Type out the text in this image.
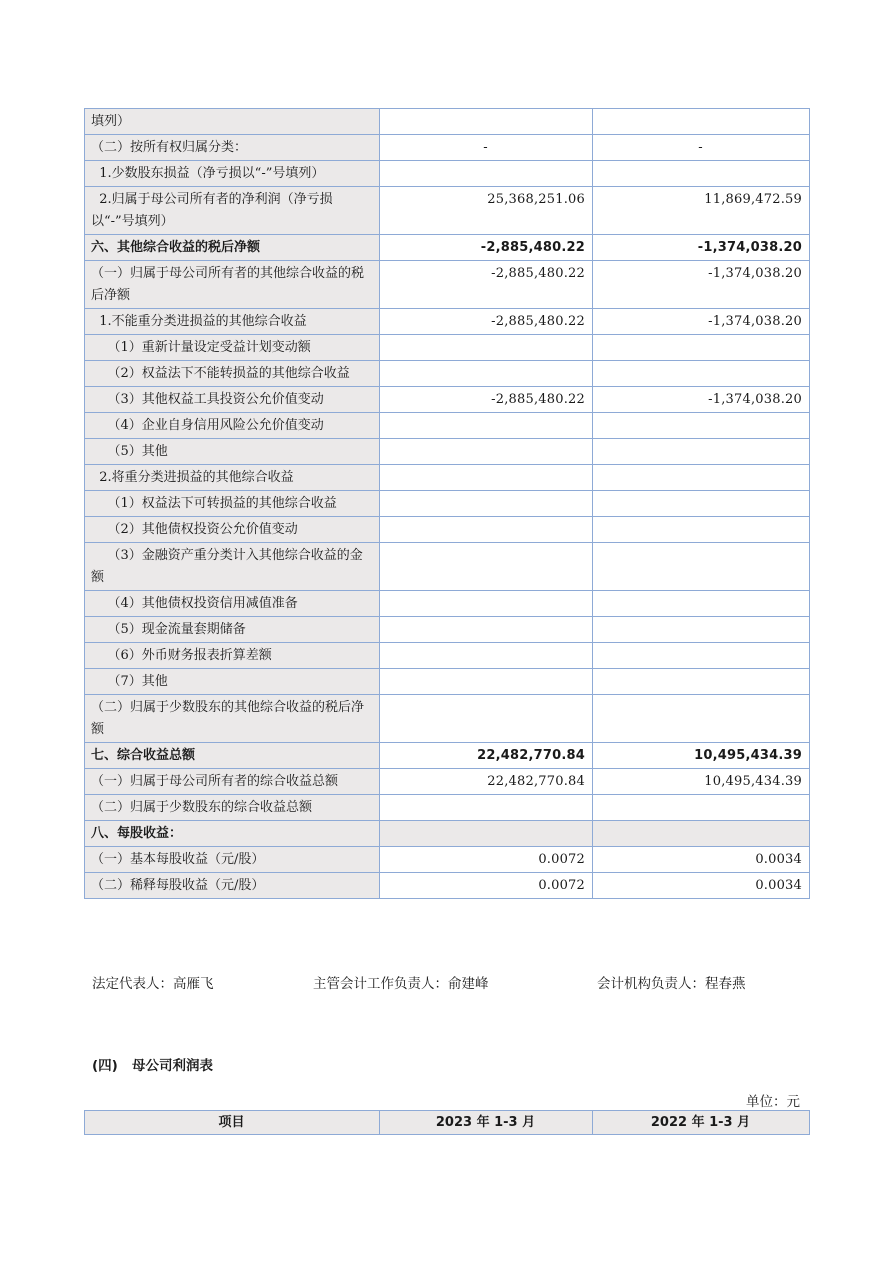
填列）		
（二）按所有权归属分类：	-	-
1.少数股东损益（净亏损以“-”号填列）		
2.归属于母公司所有者的净利润（净亏损以“-”号填列）	25,368,251.06	11,869,472.59
六、其他综合收益的税后净额	-2,885,480.22	-1,374,038.20
（一）归属于母公司所有者的其他综合收益的税后净额	-2,885,480.22	-1,374,038.20
1.不能重分类进损益的其他综合收益	-2,885,480.22	-1,374,038.20
（1）重新计量设定受益计划变动额		
（2）权益法下不能转损益的其他综合收益		
（3）其他权益工具投资公允价值变动	-2,885,480.22	-1,374,038.20
（4）企业自身信用风险公允价值变动		
（5）其他		
2.将重分类进损益的其他综合收益		
（1）权益法下可转损益的其他综合收益		
（2）其他债权投资公允价值变动		
（3）金融资产重分类计入其他综合收益的金额		
（4）其他债权投资信用减值准备		
（5）现金流量套期储备		
（6）外币财务报表折算差额		
（7）其他		
（二）归属于少数股东的其他综合收益的税后净额		
七、综合收益总额	22,482,770.84	10,495,434.39
（一）归属于母公司所有者的综合收益总额	22,482,770.84	10,495,434.39
（二）归属于少数股东的综合收益总额		
八、每股收益：		
（一）基本每股收益（元/股）	0.0072	0.0034
（二）稀释每股收益（元/股）	0.0072	0.0034
法定代表人：高雁飞	主管会计工作负责人：俞建峰	会计机构负责人：程春燕
(四)   母公司利润表
单位：元
项目	2023 年 1-3 月	2022 年 1-3 月
